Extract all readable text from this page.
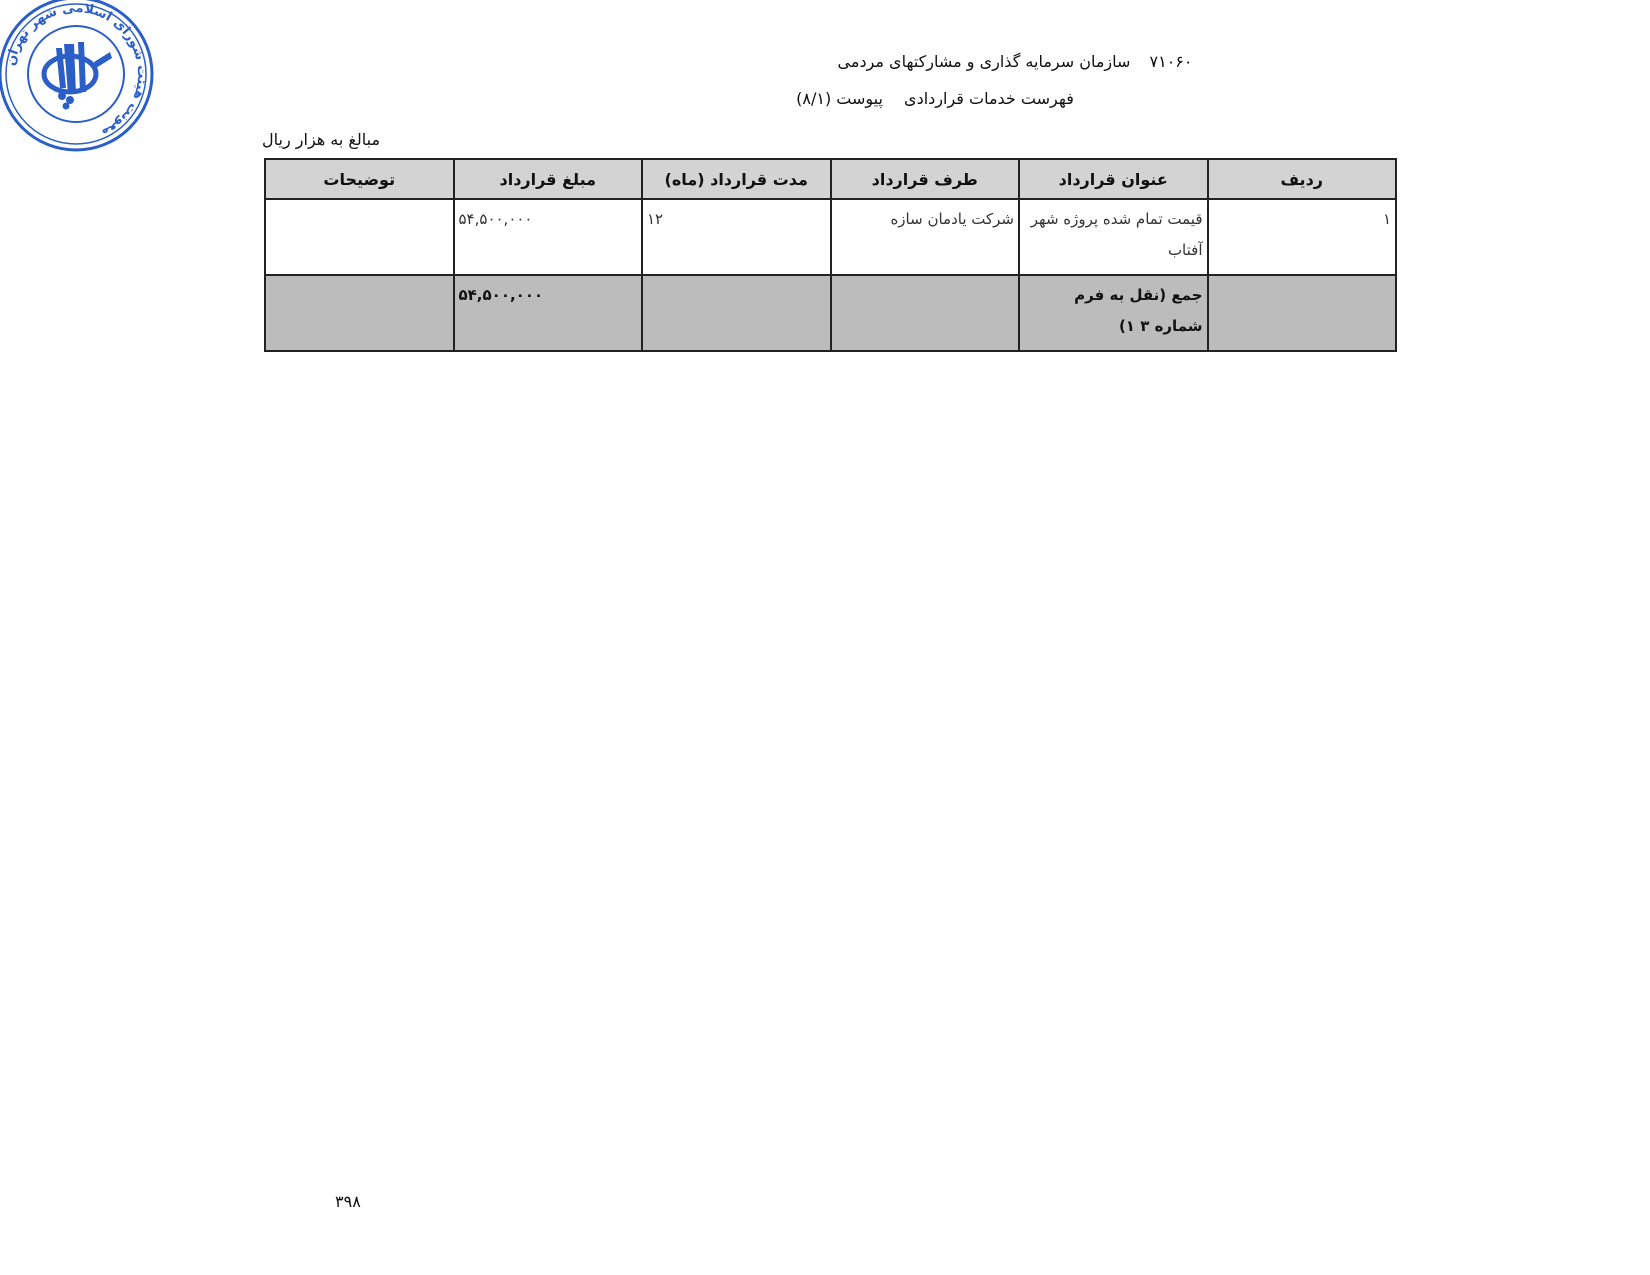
معونت هیئت شورای اسلامی شهر تهران
۷۱۰۶۰ سازمان سرمایه گذاری و مشارکتهای مردمی
فهرست خدمات قراردادی پیوست (۸/۱)
مبالغ به هزار ریال
ردیف	عنوان قرارداد	طرف قرارداد	مدت قرارداد (ماه)	مبلغ قرارداد	توضیحات
۱	قیمت تمام شده پروژه شهر آفتاب	شرکت یادمان سازه	۱۲	۵۴,۵۰۰,۰۰۰	
	جمع (نقل به فرم شماره ۳ ۱)			۵۴,۵۰۰,۰۰۰	
۳۹۸
